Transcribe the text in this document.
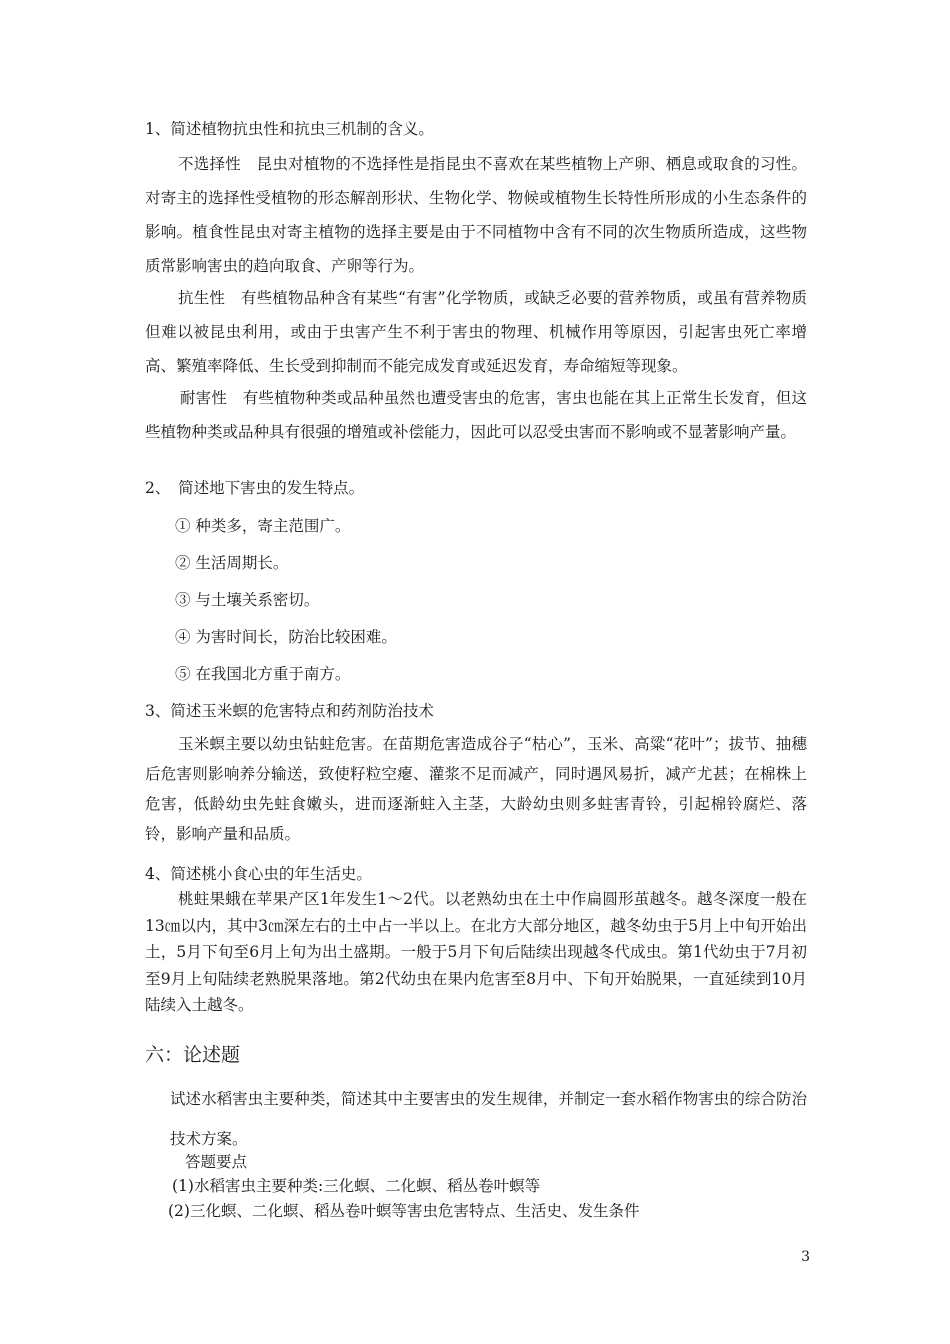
1、简述植物抗虫性和抗虫三机制的含义。

不选择性　昆虫对植物的不选择性是指昆虫不喜欢在某些植物上产卵、栖息或取食的习性。对寄主的选择性受植物的形态解剖形状、生物化学、物候或植物生长特性所形成的小生态条件的影响。植食性昆虫对寄主植物的选择主要是由于不同植物中含有不同的次生物质所造成，这些物质常影响害虫的趋向取食、产卵等行为。

抗生性　有些植物品种含有某些“有害”化学物质，或缺乏必要的营养物质，或虽有营养物质但难以被昆虫利用，或由于虫害产生不利于害虫的物理、机械作用等原因，引起害虫死亡率增高、繁殖率降低、生长受到抑制而不能完成发育或延迟发育，寿命缩短等现象。

耐害性　有些植物种类或品种虽然也遭受害虫的危害，害虫也能在其上正常生长发育，但这些植物种类或品种具有很强的增殖或补偿能力，因此可以忍受虫害而不影响或不显著影响产量。

2、　简述地下害虫的发生特点。

① 种类多，寄主范围广。

② 生活周期长。

③ 与土壤关系密切。

④ 为害时间长，防治比较困难。

⑤ 在我国北方重于南方。

3、简述玉米螟的危害特点和药剂防治技术

玉米螟主要以幼虫钻蛀危害。在苗期危害造成谷子“枯心”，玉米、高粱“花叶”；拔节、抽穗后危害则影响养分输送，致使籽粒空瘪、灌浆不足而减产，同时遇风易折，减产尤甚；在棉株上危害，低龄幼虫先蛀食嫩头，进而逐渐蛀入主茎，大龄幼虫则多蛀害青铃，引起棉铃腐烂、落铃，影响产量和品质。

4、简述桃小食心虫的年生活史。

桃蛀果蛾在苹果产区1年发生1～2代。以老熟幼虫在土中作扁圆形茧越冬。越冬深度一般在13㎝以内，其中3㎝深左右的土中占一半以上。在北方大部分地区，越冬幼虫于5月上中旬开始出土，5月下旬至6月上旬为出土盛期。一般于5月下旬后陆续出现越冬代成虫。第1代幼虫于7月初至9月上旬陆续老熟脱果落地。第2代幼虫在果内危害至8月中、下旬开始脱果，一直延续到10月陆续入土越冬。

六：论述题

试述水稻害虫主要种类，简述其中主要害虫的发生规律，并制定一套水稻作物害虫的综合防治技术方案。

答题要点

(1)水稻害虫主要种类:三化螟、二化螟、稻丛卷叶螟等

(2)三化螟、二化螟、稻丛卷叶螟等害虫危害特点、生活史、发生条件

3
